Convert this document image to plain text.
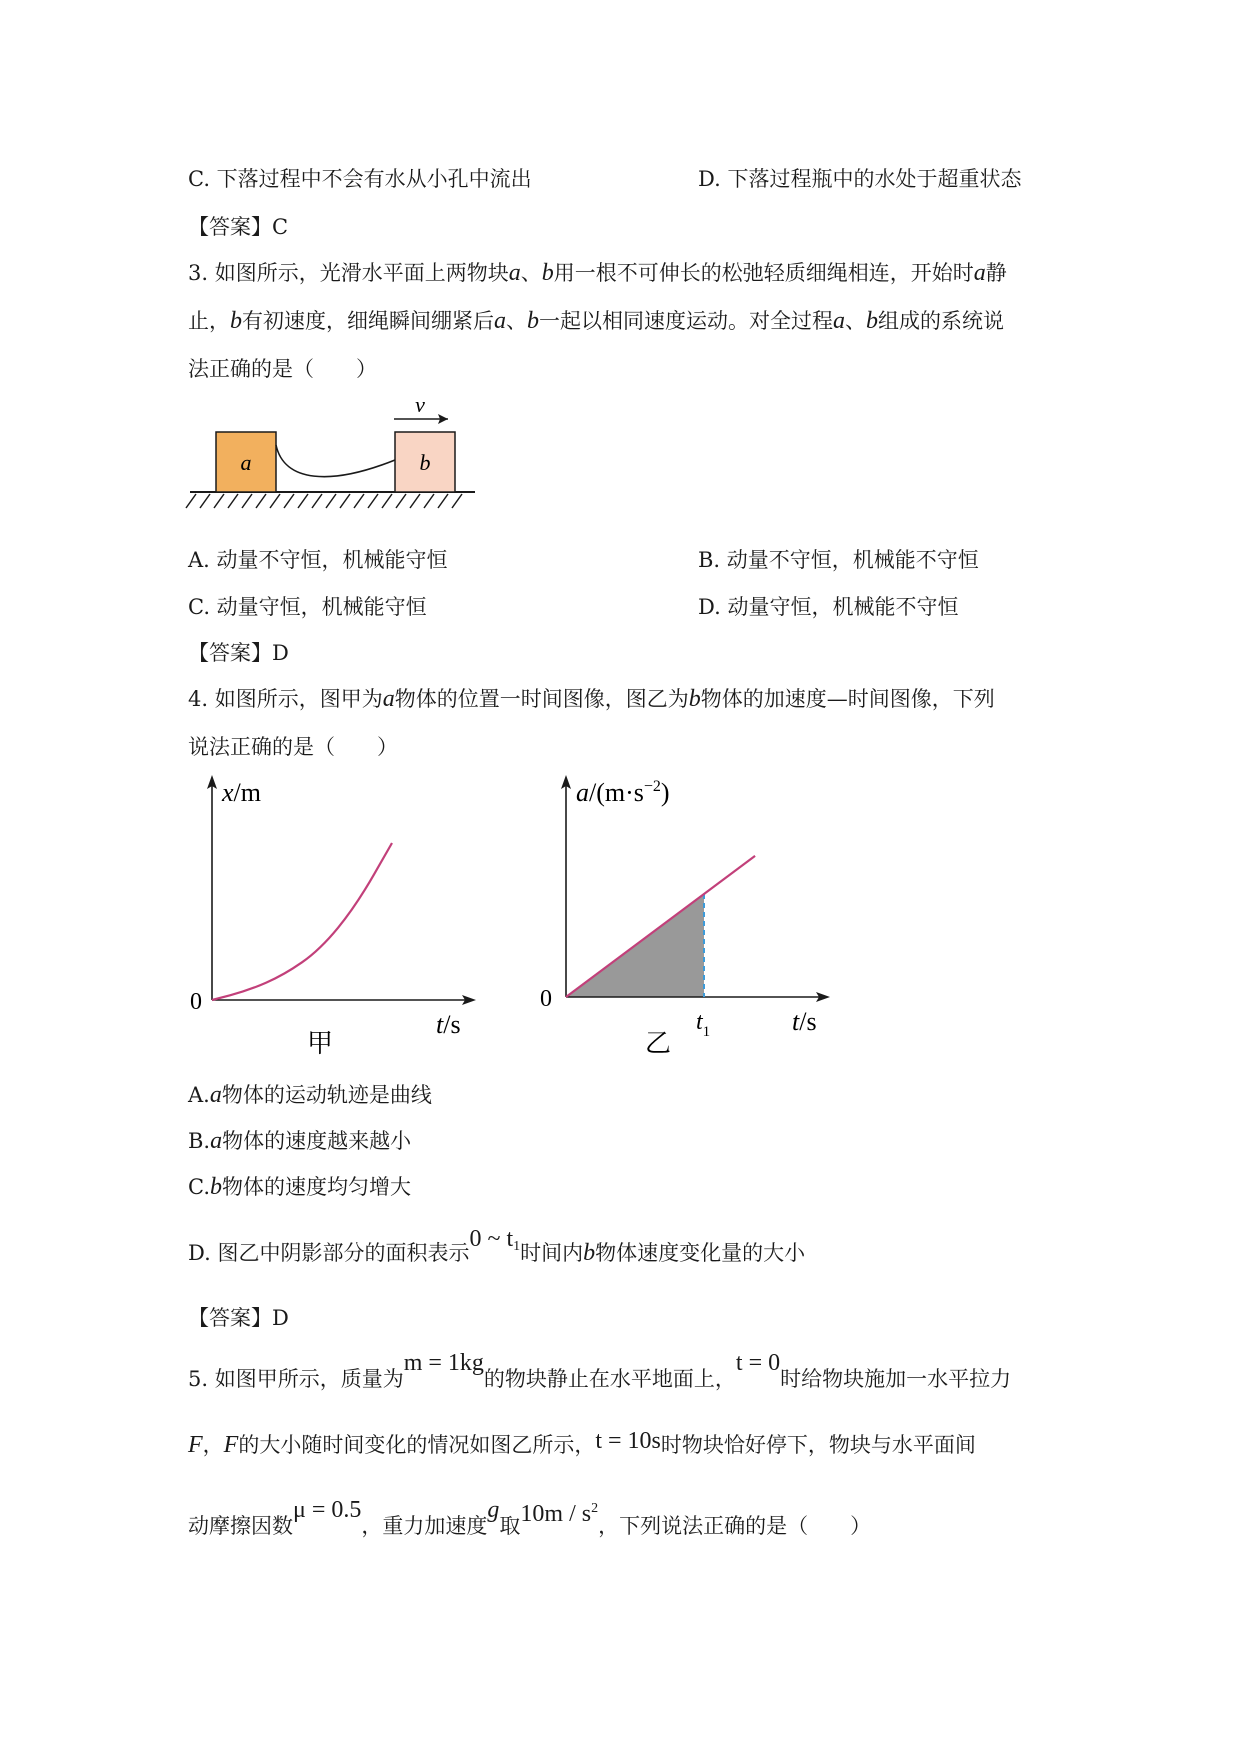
C. 下落过程中不会有水从小孔中流出	D. 下落过程瓶中的水处于超重状态
【答案】C
3. 如图所示，光滑水平面上两物块a、b用一根不可伸长的松弛轻质细绳相连，开始时a静
止，b有初速度，细绳瞬间绷紧后a、b一起以相同速度运动。对全过程a、b组成的系统说
法正确的是（　　）
a	b
v
A. 动量不守恒，机械能守恒	B. 动量不守恒，机械能不守恒
C. 动量守恒，机械能守恒	D. 动量守恒，机械能不守恒
【答案】D
4. 如图所示，图甲为a物体的位置一时间图像，图乙为b物体的加速度—时间图像，下列
说法正确的是（　　）
x/m
t/s
0
甲
$a/(m\cdot s^{-2})$
t/s
0
$t_1$
乙
A.a物体的运动轨迹是曲线
B.a物体的速度越来越小
C.b物体的速度均匀增大
D. 图乙中阴影部分的面积表示0 ~ $t_1$时间内b物体速度变化量的大小
【答案】D
5. 如图甲所示，质量为m = 1kg的物块静止在水平地面上，t = 0时给物块施加一水平拉力
F，F的大小随时间变化的情况如图乙所示，t = 10s时物块恰好停下，物块与水平面间
动摩擦因数μ = 0.5，重力加速度g取$10m / s^2$，下列说法正确的是（　　）
